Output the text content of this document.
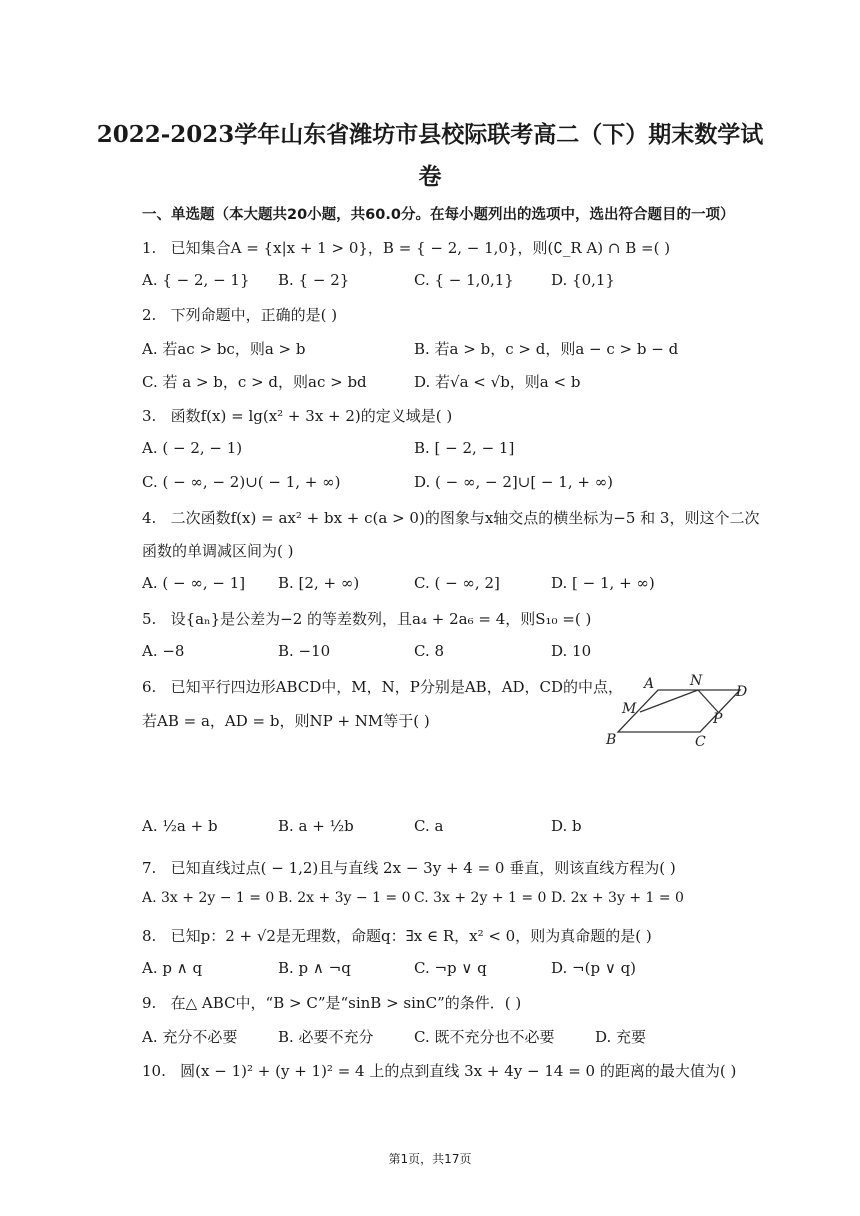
2022-2023学年山东省潍坊市县校际联考高二（下）期末数学试
卷
一、单选题（本大题共20小题，共60.0分。在每小题列出的选项中，选出符合题目的一项）
1. 已知集合A = {x|x + 1 > 0}，B = { − 2, − 1,0}，则(∁_R A) ∩ B =( )
A. { − 2, − 1} B. { − 2}	C. { − 1,0,1} D. {0,1}
2. 下列命题中，正确的是( )
A. 若ac > bc，则a > b	B. 若a > b，c > d，则a − c > b − d
C. 若 a > b，c > d，则ac > bd	D. 若√a < √b，则a < b
3. 函数f(x) = lg(x² + 3x + 2)的定义域是( )
A. ( − 2, − 1)	B. [ − 2, − 1]
C. ( − ∞, − 2)∪( − 1, + ∞)	D. ( − ∞, − 2]∪[ − 1, + ∞)
4. 二次函数f(x) = ax² + bx + c(a > 0)的图象与x轴交点的横坐标为−5 和 3，则这个二次
函数的单调减区间为( )
A. ( − ∞, − 1] B. [2, + ∞)	C. ( − ∞, 2]	D. [ − 1, + ∞)
5. 设{aₙ}是公差为−2 的等差数列，且a₄ + 2a₆ = 4，则S₁₀ =( )
A. −8	B. −10	C. 8	D. 10
6. 已知平行四边形ABCD中，M，N，P分别是AB，AD，CD的中点，
若AB = a，AD = b，则NP + NM等于( )
A	N
D
M
P
B	C
A. ½a + b	B. a + ½b	C. a	D. b
7. 已知直线过点( − 1,2)且与直线 2x − 3y + 4 = 0 垂直，则该直线方程为( )
A. 3x + 2y − 1 = 0 B. 2x + 3y − 1 = 0 C. 3x + 2y + 1 = 0 D. 2x + 3y + 1 = 0
8. 已知p：2 + √2是无理数，命题q：∃x ∈ R，x² < 0，则为真命题的是( )
A. p ∧ q	B. p ∧ ¬q	C. ¬p ∨ q	D. ¬(p ∨ q)
9. 在△ ABC中，“B > C”是“sinB > sinC”的条件．( )
A. 充分不必要	B. 必要不充分	C. 既不充分也不必要	D. 充要
10. 圆(x − 1)² + (y + 1)² = 4 上的点到直线 3x + 4y − 14 = 0 的距离的最大值为( )
第1页，共17页
